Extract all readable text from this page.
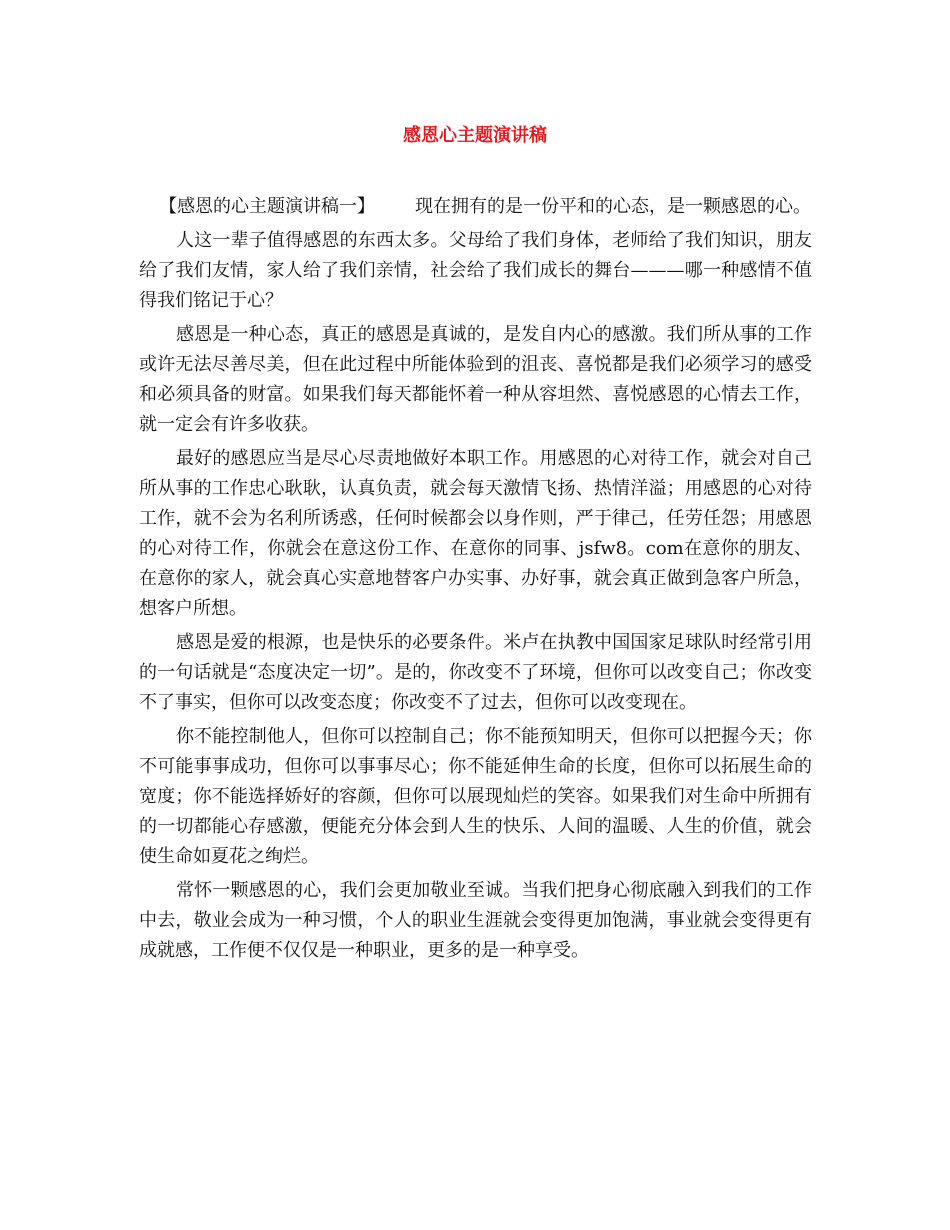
感恩心主题演讲稿

【感恩的心主题演讲稿一】 现在拥有的是一份平和的心态，是一颗感恩的心。

人这一辈子值得感恩的东西太多。父母给了我们身体，老师给了我们知识，朋友给了我们友情，家人给了我们亲情，社会给了我们成长的舞台———哪一种感情不值得我们铭记于心？

感恩是一种心态，真正的感恩是真诚的，是发自内心的感激。我们所从事的工作或许无法尽善尽美，但在此过程中所能体验到的沮丧、喜悦都是我们必须学习的感受和必须具备的财富。如果我们每天都能怀着一种从容坦然、喜悦感恩的心情去工作，就一定会有许多收获。

最好的感恩应当是尽心尽责地做好本职工作。用感恩的心对待工作，就会对自己所从事的工作忠心耿耿，认真负责，就会每天激情飞扬、热情洋溢；用感恩的心对待工作，就不会为名利所诱惑，任何时候都会以身作则，严于律己，任劳任怨；用感恩的心对待工作，你就会在意这份工作、在意你的同事、jsfw8。com在意你的朋友、在意你的家人，就会真心实意地替客户办实事、办好事，就会真正做到急客户所急，想客户所想。

感恩是爱的根源，也是快乐的必要条件。米卢在执教中国国家足球队时经常引用的一句话就是“态度决定一切”。是的，你改变不了环境，但你可以改变自己；你改变不了事实，但你可以改变态度；你改变不了过去，但你可以改变现在。

你不能控制他人，但你可以控制自己；你不能预知明天，但你可以把握今天；你不可能事事成功，但你可以事事尽心；你不能延伸生命的长度，但你可以拓展生命的宽度；你不能选择娇好的容颜，但你可以展现灿烂的笑容。如果我们对生命中所拥有的一切都能心存感激，便能充分体会到人生的快乐、人间的温暖、人生的价值，就会使生命如夏花之绚烂。

常怀一颗感恩的心，我们会更加敬业至诚。当我们把身心彻底融入到我们的工作中去，敬业会成为一种习惯，个人的职业生涯就会变得更加饱满，事业就会变得更有成就感，工作便不仅仅是一种职业，更多的是一种享受。
